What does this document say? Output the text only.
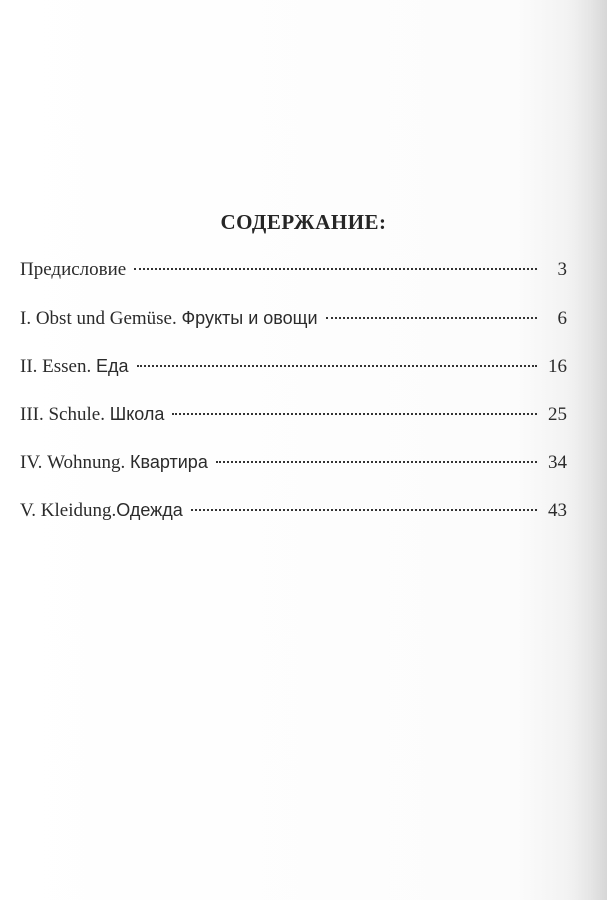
СОДЕРЖАНИЕ:
Предисловие	3
I. Obst und Gemüse. Фрукты и овощи	6
II. Essen. Еда	16
III. Schule. Школа	25
IV. Wohnung. Квартира	34
V. Kleidung.Одежда	43
